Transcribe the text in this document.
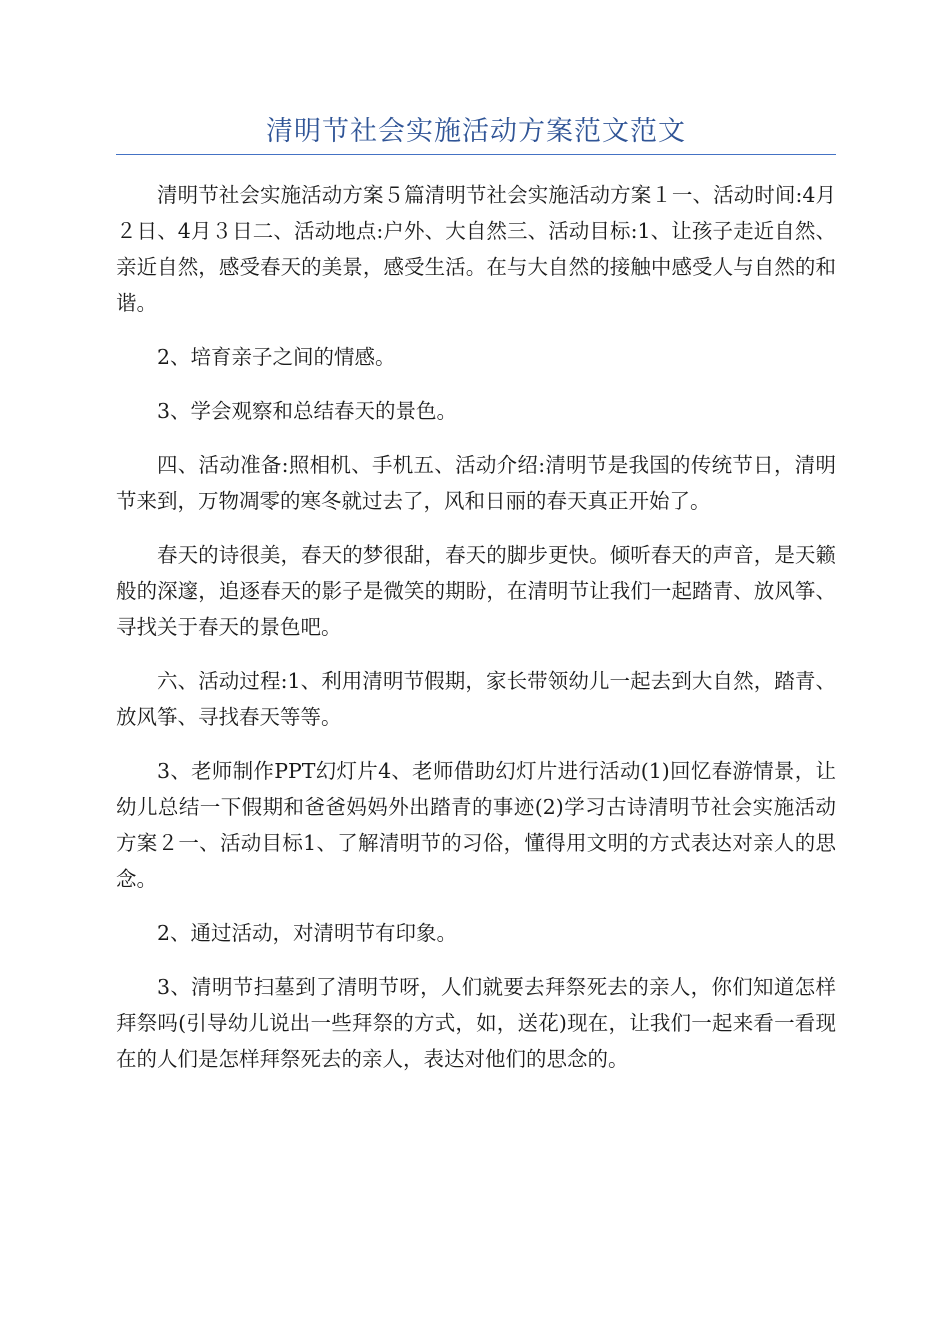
清明节社会实施活动方案范文范文

清明节社会实施活动方案５篇清明节社会实施活动方案１一、活动时间:4月２日、4月３日二、活动地点:户外、大自然三、活动目标:1、让孩子走近自然、亲近自然，感受春天的美景，感受生活。在与大自然的接触中感受人与自然的和谐。

2、培育亲子之间的情感。

3、学会观察和总结春天的景色。

四、活动准备:照相机、手机五、活动介绍:清明节是我国的传统节日，清明节来到，万物凋零的寒冬就过去了，风和日丽的春天真正开始了。

春天的诗很美，春天的梦很甜，春天的脚步更快。倾听春天的声音，是天籁般的深邃，追逐春天的影子是微笑的期盼，在清明节让我们一起踏青、放风筝、寻找关于春天的景色吧。

六、活动过程:1、利用清明节假期，家长带领幼儿一起去到大自然，踏青、放风筝、寻找春天等等。

3、老师制作PPT幻灯片4、老师借助幻灯片进行活动(1)回忆春游情景，让幼儿总结一下假期和爸爸妈妈外出踏青的事迹(2)学习古诗清明节社会实施活动方案２一、活动目标1、了解清明节的习俗，懂得用文明的方式表达对亲人的思念。

2、通过活动，对清明节有印象。

3、清明节扫墓到了清明节呀，人们就要去拜祭死去的亲人，你们知道怎样拜祭吗(引导幼儿说出一些拜祭的方式，如，送花)现在，让我们一起来看一看现在的人们是怎样拜祭死去的亲人，表达对他们的思念的。
